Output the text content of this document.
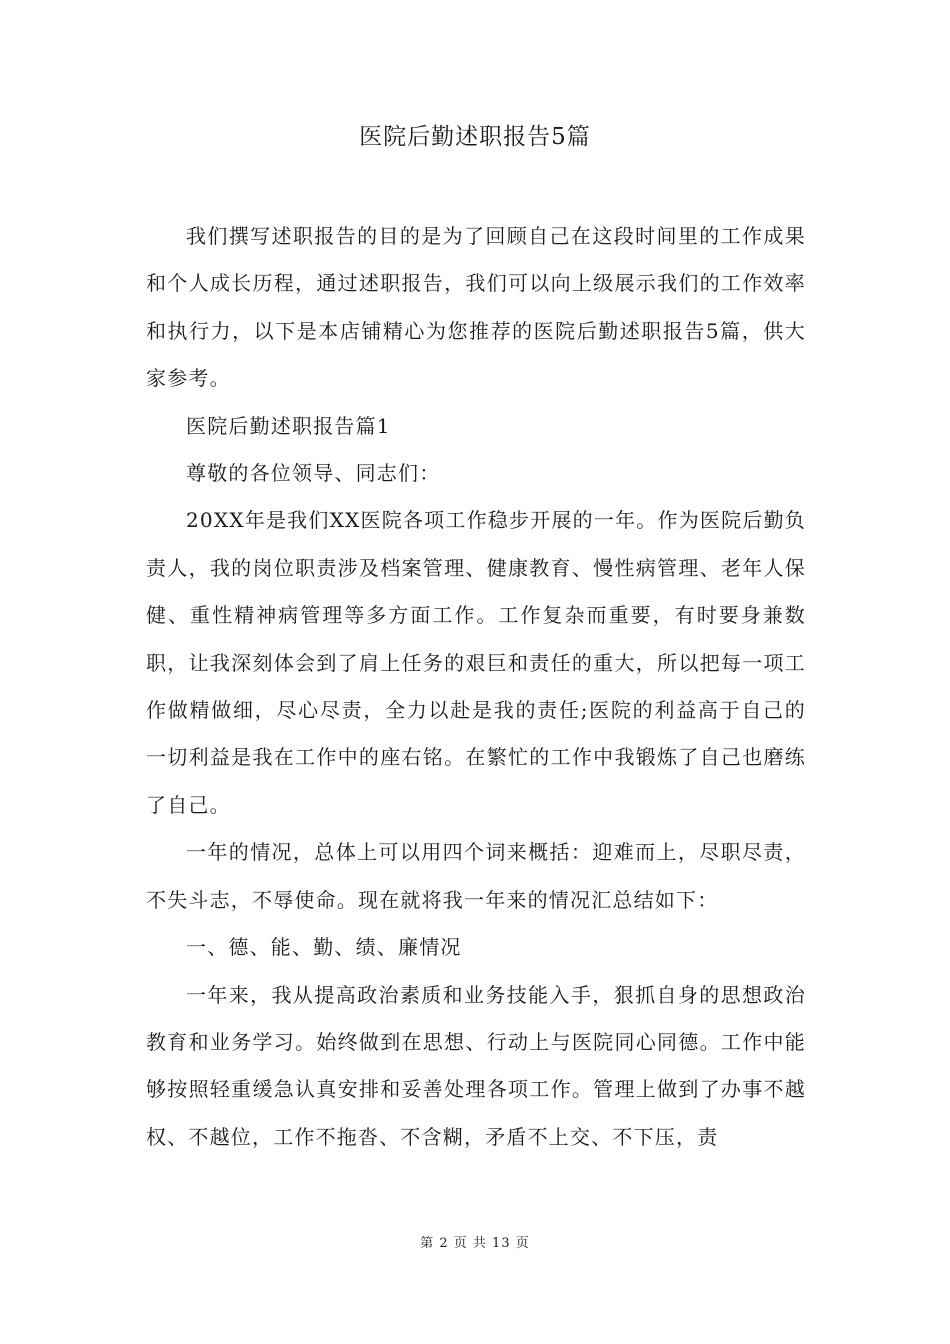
医院后勤述职报告5篇

我们撰写述职报告的目的是为了回顾自己在这段时间里的工作成果和个人成长历程，通过述职报告，我们可以向上级展示我们的工作效率和执行力，以下是本店铺精心为您推荐的医院后勤述职报告5篇，供大家参考。

医院后勤述职报告篇1

尊敬的各位领导、同志们：

20XX年是我们XX医院各项工作稳步开展的一年。作为医院后勤负责人，我的岗位职责涉及档案管理、健康教育、慢性病管理、老年人保健、重性精神病管理等多方面工作。工作复杂而重要，有时要身兼数职，让我深刻体会到了肩上任务的艰巨和责任的重大，所以把每一项工作做精做细，尽心尽责，全力以赴是我的责任;医院的利益高于自己的一切利益是我在工作中的座右铭。在繁忙的工作中我锻炼了自己也磨练了自己。

一年的情况，总体上可以用四个词来概括：迎难而上，尽职尽责，不失斗志，不辱使命。现在就将我一年来的情况汇总结如下：

一、德、能、勤、绩、廉情况

一年来，我从提高政治素质和业务技能入手，狠抓自身的思想政治教育和业务学习。始终做到在思想、行动上与医院同心同德。工作中能够按照轻重缓急认真安排和妥善处理各项工作。管理上做到了办事不越权、不越位，工作不拖沓、不含糊，矛盾不上交、不下压，责

第 2 页 共 13 页
